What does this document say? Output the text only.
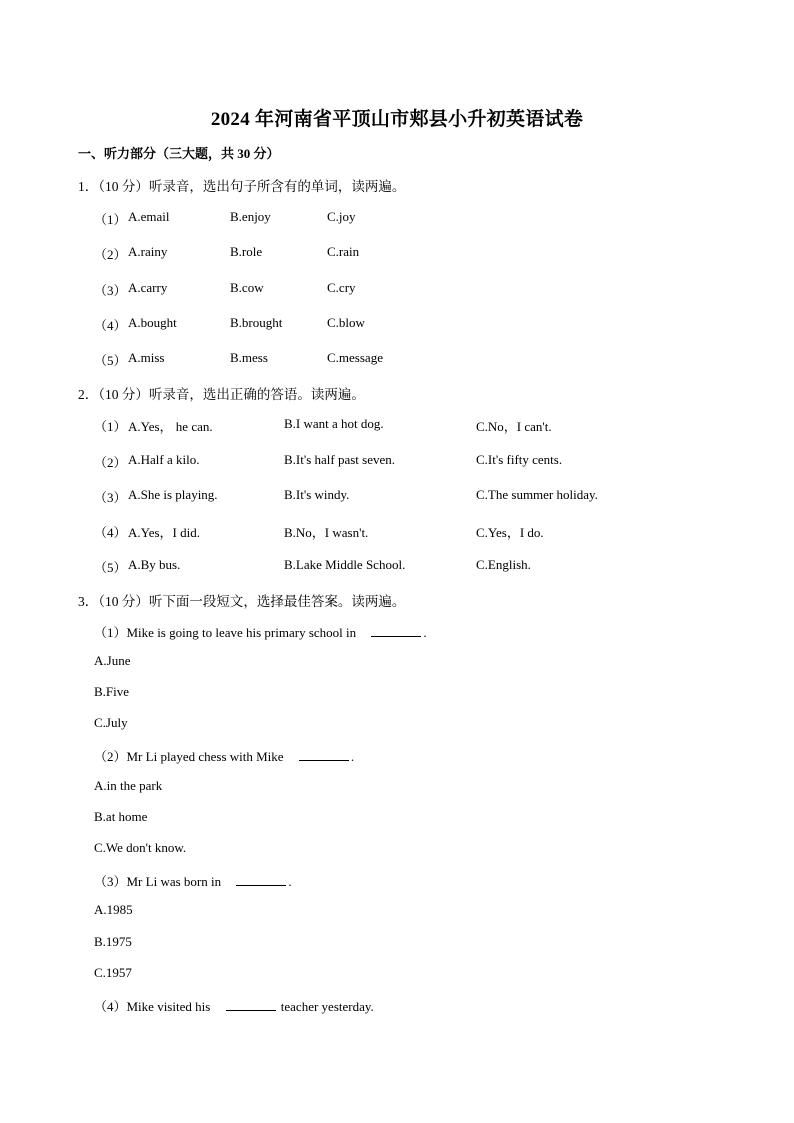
2024 年河南省平顶山市郏县小升初英语试卷
一、听力部分（三大题，共 30 分）
1．（10 分）听录音，选出句子所含有的单词，读两遍。
（1） A.email	B.enjoy	C.joy
（2） A.rainy	B.role	C.rain
（3） A.carry	B.cow	C.cry
（4） A.bought	B.brought	C.blow
（5） A.miss	B.mess	C.message
2．（10 分）听录音，选出正确的答语。读两遍。
（1） A.Yes， he can.	B.I want a hot dog.	C.No，I can't.
（2） A.Half a kilo.	B.It's half past seven.	C.It's fifty cents.
（3） A.She is playing.	B.It's windy.	C.The summer holiday.
（4） A.Yes，I did.	B.No，I wasn't.	C.Yes，I do.
（5） A.By bus.	B.Lake Middle School.	C.English.
3．（10 分）听下面一段短文，选择最佳答案。读两遍。
（1）Mike is going to leave his primary school in	.
A.June
B.Five
C.July
（2）Mr Li played chess with Mike	.
A.in the park
B.at home
C.We don't know.
（3）Mr Li was born in	.
A.1985
B.1975
C.1957
（4）Mike visited his	teacher yesterday.
